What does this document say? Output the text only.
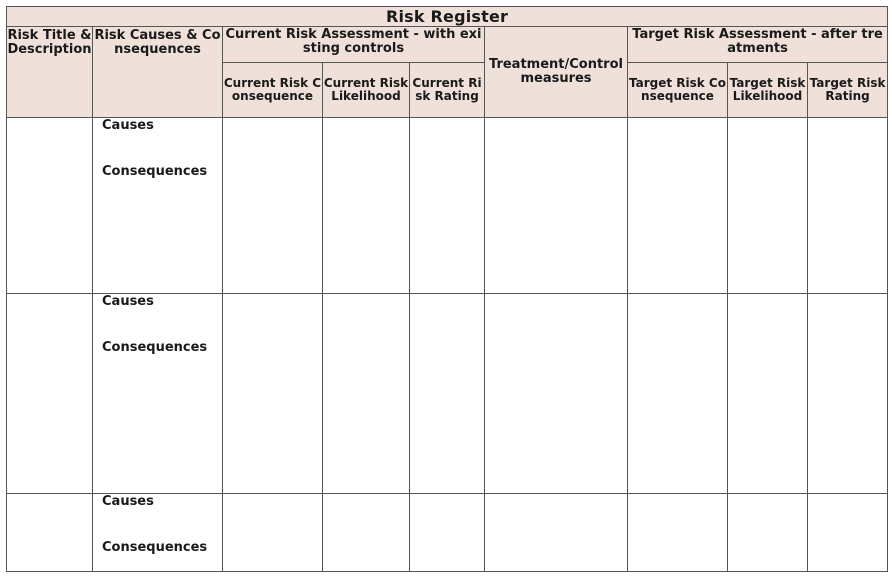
Risk Register								
Risk Title & Description	Risk Causes & Consequences	Current Risk Assessment - with existing controls			Treatment/Control measures	Target Risk Assessment - after treatments		
		Current Risk Consequence	Current Risk Likelihood	Current Risk Rating		Target Risk Consequence	Target Risk Likelihood	Target Risk Rating

	Causes
Consequences							

	Causes
Consequences							

	Causes
Consequences							
